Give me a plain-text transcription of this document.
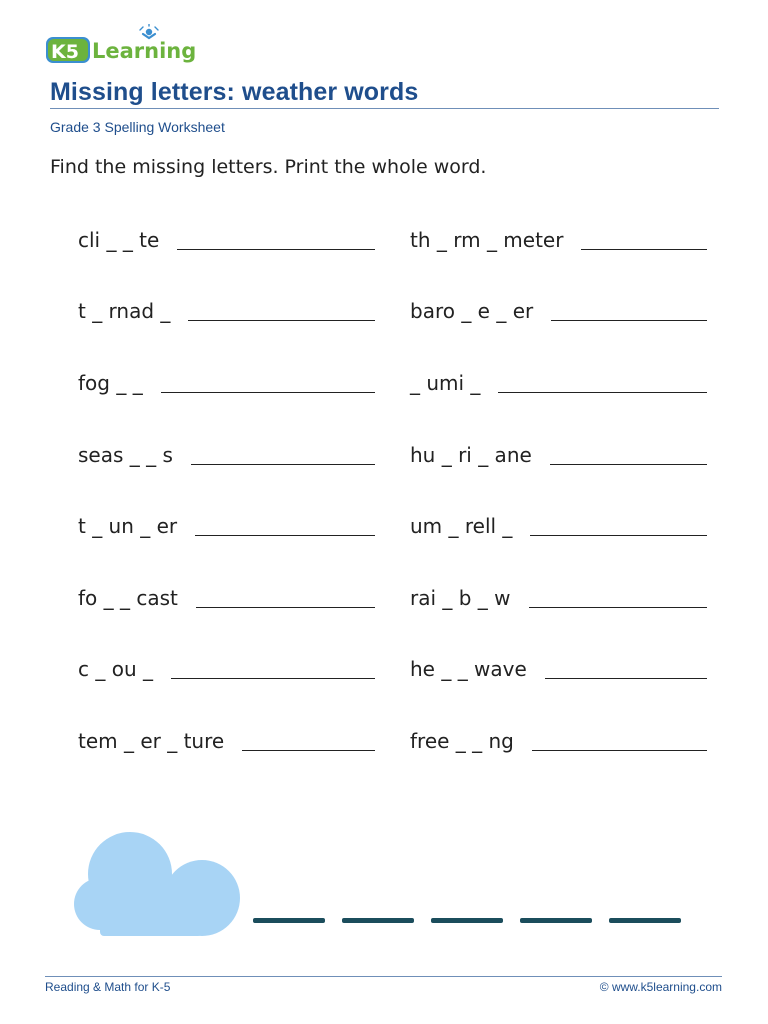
K5 Learning
Missing letters: weather words
Grade 3 Spelling Worksheet
Find the missing letters. Print the whole word.
cli _ _ te
t _ rnad _
fog _ _
seas _ _ s
t _ un _ er
fo _ _ cast
c _ ou _
tem _ er _ ture
th _ rm _ meter
baro _ e _ er
_ umi _
hu _ ri _ ane
um _ rell _
rai _ b _ w
he _ _ wave
free _ _ ng
Reading & Math for K-5	© www.k5learning.com
